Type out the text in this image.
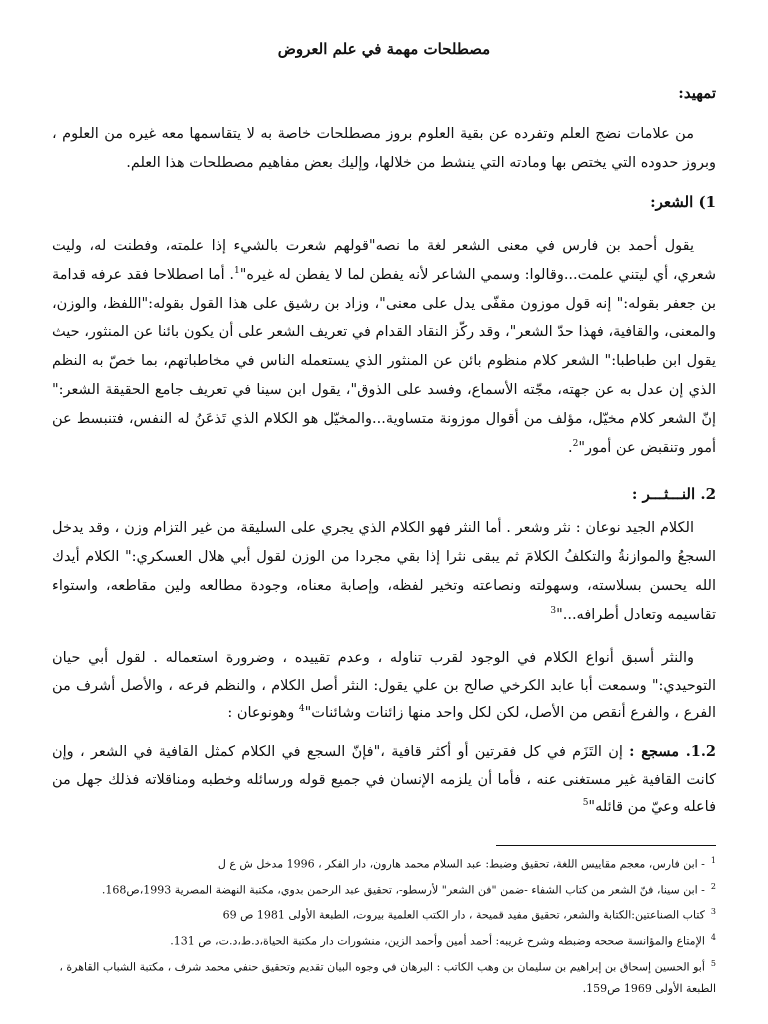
مصطلحات مهمة في علم العروض
تمهيد:
من علامات نضج العلم وتفرده عن بقية العلوم بروز مصطلحات خاصة به لا يتقاسمها معه غيره من العلوم ، وبروز حدوده التي يختص بها ومادته التي ينشط من خلالها، وإليك بعض مفاهيم مصطلحات هذا العلم.
1) الشعر:
يقول أحمد بن فارس في معنى الشعر لغة ما نصه"قولهم شعرت بالشيء إذا علمته، وفطنت له، وليت شعري، أي ليتني علمت...وقالوا: وسمي الشاعر لأنه يفطن لما لا يفطن له غيره"$^1$. أما اصطلاحا فقد عرفه قدامة بن جعفر بقوله:" إنه قول موزون مقفّى يدل على معنى"، وزاد بن رشيق على هذا القول بقوله:"اللفظ، والوزن، والمعنى، والقافية، فهذا حدّ الشعر"، وقد ركّز النقاد القدام في تعريف الشعر على أن يكون بائنا عن المنثور، حيث يقول ابن طباطبا:" الشعر كلام منظوم بائن عن المنثور الذي يستعمله الناس في مخاطباتهم، بما خصّ به النظم الذي إن عدل به عن جهته، مجّته الأسماع، وفسد على الذوق"، يقول ابن سينا في تعريف جامع الحقيقة الشعر:" إنّ الشعر كلام مخيّل، مؤلف من أقوال موزونة متساوية...والمخيّل هو الكلام الذي تَذعَنُ له النفس، فتنبسط عن أمور وتنقبض عن أمور"$^2$.
2. النـــثـــر :
الكلام الجيد نوعان : نثر وشعر . أما النثر فهو الكلام الذي يجري على السليقة من غير التزام وزن ، وقد يدخل السجعُ والموازنةُ والتكلفُ الكلامَ ثم يبقى نثرا إذا بقي مجردا من الوزن لقول أبي هلال العسكري:" الكلام أيدك الله يحسن بسلاسته، وسهولته ونصاعته وتخير لفظه، وإصابة معناه، وجودة مطالعه ولين مقاطعه، واستواء تقاسيمه وتعادل أطرافه..."$^3$
والنثر أسبق أنواع الكلام في الوجود لقرب تناوله ، وعدم تقييده ، وضرورة استعماله . لقول أبي حيان التوحيدي:" وسمعت أبا عابد الكرخي صالح بن علي يقول: النثر أصل الكلام ، والنظم فرعه ، والأصل أشرف من الفرع ، والفرع أنقص من الأصل، لكن لكل واحد منها زائنات وشائنات"$^4$ وهونوعان :
1.2. مسجع : إن التَزَم في كل فقرتين أو أكثر قافية ،"فإنّ السجع في الكلام كمثل القافية في الشعر ، وإن كانت القافية غير مستغنى عنه ، فأما أن يلزمه الإنسان في جميع قوله ورسائله وخطبه ومناقلاته فذلك جهل من فاعله وعيّ من قائله"$^5$

$^1$- ابن فارس، معجم مقاييس اللغة، تحقيق وضبط: عبد السلام محمد هارون، دار الفكر ، 1996 مدخل ش ع ل

$^2$- ابن سينا، فنّ الشعر من كتاب الشفاء -ضمن "فن الشعر" لأرسطو-، تحقيق عبد الرحمن بدوي، مكتبة النهضة المصرية 1993،ص168.

$^3$كتاب الصناعتين:الكتابة والشعر، تحقيق مفيد قميحة ، دار الكتب العلمية بيروت، الطبعة الأولى 1981 ص 69

$^4$الإمتاع والمؤانسة صححه وضبطه وشرح غريبه: أحمد أمين وأحمد الزين، منشورات دار مكتبة الحياة،د.ط،د.ت، ص 131.

$^5$أبو الحسين إسحاق بن إبراهيم بن سليمان بن وهب الكاتب : البرهان في وجوه البيان تقديم وتحقيق حنفي محمد شرف ، مكتبة الشباب القاهرة ، الطبعة الأولى 1969 ص159.
